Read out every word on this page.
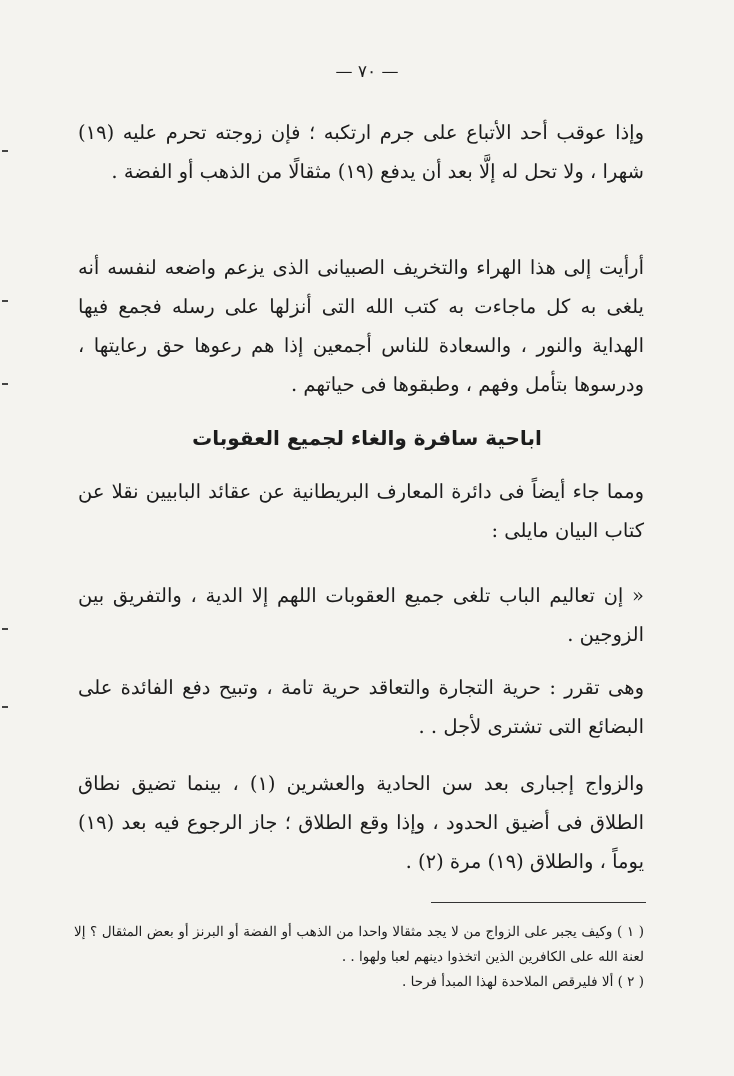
— ٧٠ —

وإذا عوقب أحد الأتباع على جرم ارتكبه ؛ فإن زوجته تحرم عليه (١٩) شهرا ، ولا تحل له إلَّا بعد أن يدفع (١٩) مثقالًا من الذهب أو الفضة .

أرأيت إلى هذا الهراء والتخريف الصبيانى الذى يزعم واضعه لنفسه أنه يلغى به كل ماجاءت به كتب الله التى أنزلها على رسله فجمع فيها الهداية والنور ، والسعادة للناس أجمعين إذا هم رعوها حق رعايتها ، ودرسوها بتأمل وفهم ، وطبقوها فى حياتهم .

اباحية سافرة والغاء لجميع العقوبات

ومما جاء أيضاً فى دائرة المعارف البريطانية عن عقائد البابيين نقلا عن كتاب البيان مايلى :

« إن تعاليم الباب تلغى جميع العقوبات اللهم إلا الدية ، والتفريق بين الزوجين .

وهى تقرر : حرية التجارة والتعاقد حرية تامة ، وتبيح دفع الفائدة على البضائع التى تشترى لأجل . .

والزواج إجبارى بعد سن الحادية والعشرين (١) ، بينما تضيق نطاق الطلاق فى أضيق الحدود ، وإذا وقع الطلاق ؛ جاز الرجوع فيه بعد (١٩) يوماً ، والطلاق (١٩) مرة (٢) .

( ١ ) وكيف يجبر على الزواج من لا يجد مثقالا واحدا من الذهب أو الفضة أو البرنز أو بعض المثقال ؟ إلا لعنة الله على الكافرين الذين اتخذوا دينهم لعبا ولهوا . .

( ٢ ) ألا فليرقص الملاحدة لهذا المبدأ فرحا .
